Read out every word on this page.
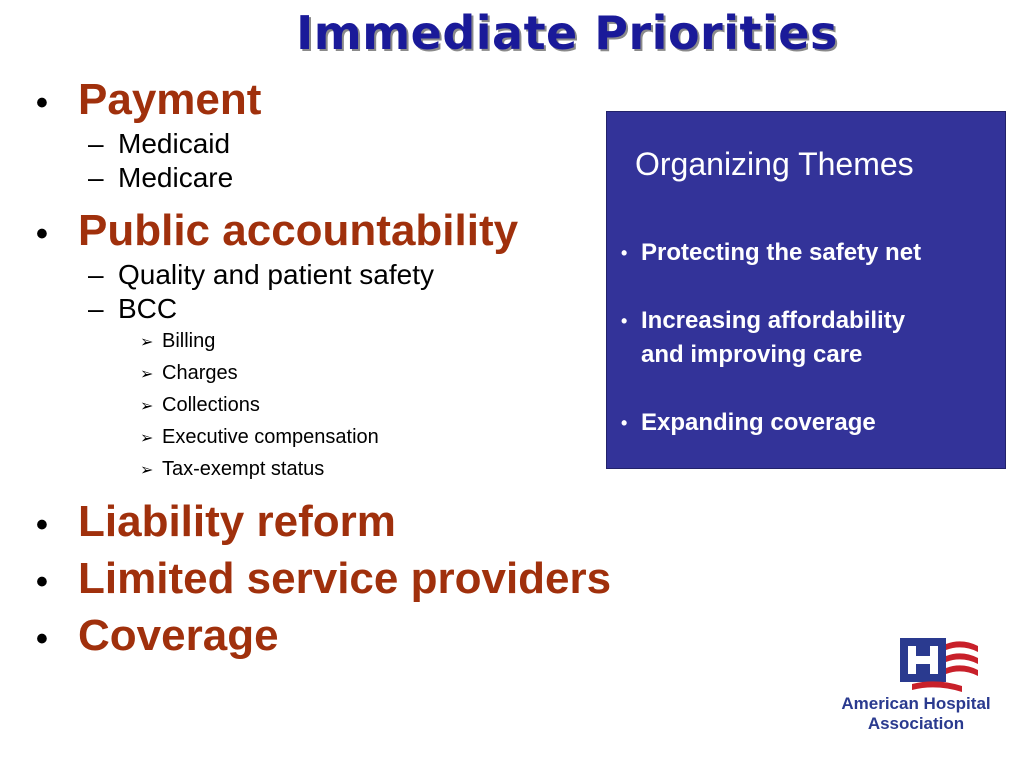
Immediate Priorities
• Payment
– Medicaid
– Medicare
• Public accountability
– Quality and patient safety
– BCC
➢ Billing
➢ Charges
➢ Collections
➢ Executive compensation
➢ Tax-exempt status
• Liability reform
• Limited service providers
• Coverage
Organizing Themes
• Protecting the safety net
• Increasing affordability
and improving care
• Expanding coverage
American Hospital
Association
